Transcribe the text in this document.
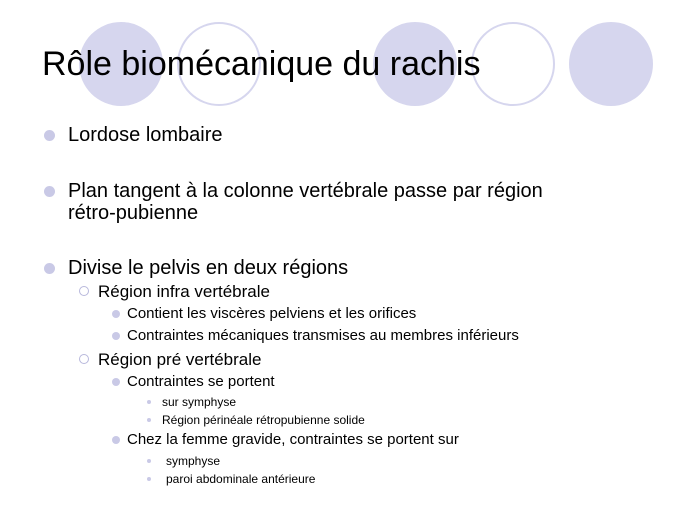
Rôle biomécanique du rachis
Lordose lombaire
Plan tangent à la colonne vertébrale passe par région
rétro-pubienne
Divise le pelvis en deux régions
Région infra vertébrale
Contient les viscères pelviens et les orifices
Contraintes mécaniques transmises au membres inférieurs
Région pré vertébrale
Contraintes se portent
sur symphyse
Région périnéale rétropubienne solide
Chez la femme gravide, contraintes se portent sur
symphyse
paroi abdominale antérieure
